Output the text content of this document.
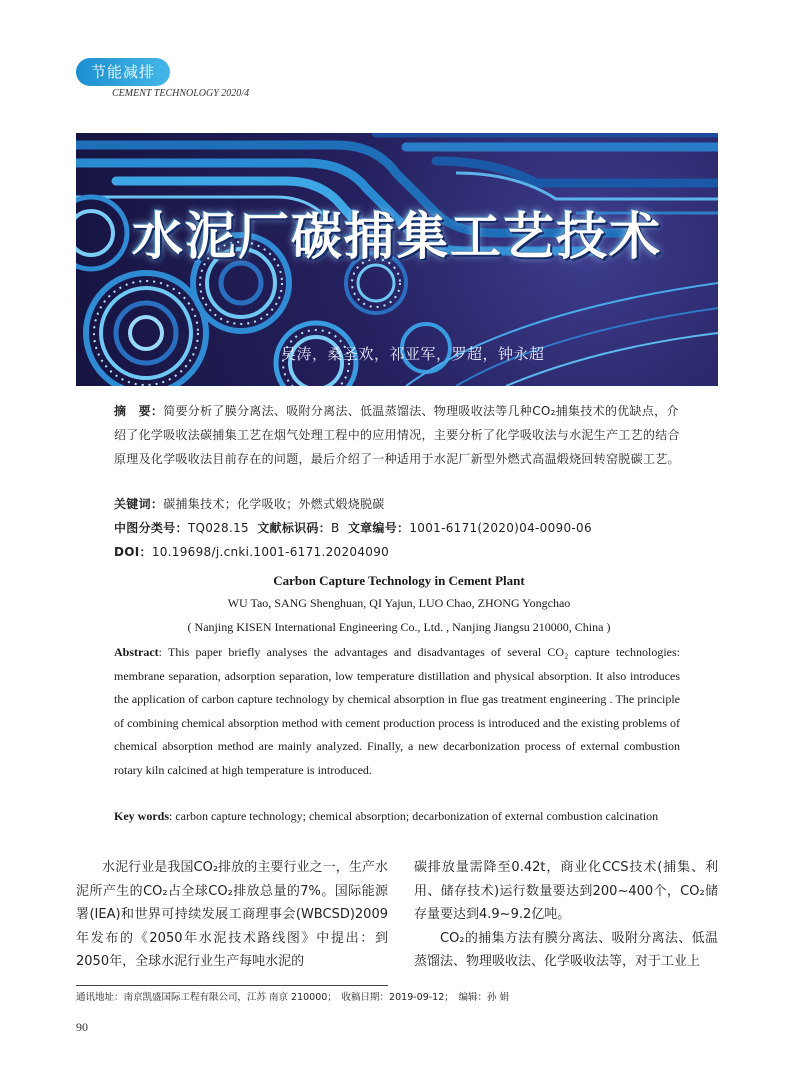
节能减排
CEMENT TECHNOLOGY 2020/4
水泥厂碳捕集工艺技术
吴涛，桑圣欢，祁亚军，罗超，钟永超
摘　要：简要分析了膜分离法、吸附分离法、低温蒸馏法、物理吸收法等几种CO₂捕集技术的优缺点，介绍了化学吸收法碳捕集工艺在烟气处理工程中的应用情况，主要分析了化学吸收法与水泥生产工艺的结合原理及化学吸收法目前存在的问题，最后介绍了一种适用于水泥厂新型外燃式高温煅烧回转窑脱碳工艺。
关键词：碳捕集技术；化学吸收；外燃式煅烧脱碳
中图分类号：TQ028.15 文献标识码：B 文章编号：1001-6171(2020)04-0090-06
DOI：10.19698/j.cnki.1001-6171.20204090
Carbon Capture Technology in Cement Plant
WU Tao, SANG Shenghuan, QI Yajun, LUO Chao, ZHONG Yongchao
( Nanjing KISEN International Engineering Co., Ltd. , Nanjing Jiangsu 210000, China )
Abstract: This paper briefly analyses the advantages and disadvantages of several CO₂ capture technologies: membrane separation, adsorption separation, low temperature distillation and physical absorption. It also introduces the application of carbon capture technology by chemical absorption in flue gas treatment engineering . The principle of combining chemical absorption method with cement production process is introduced and the existing problems of chemical absorption method are mainly analyzed. Finally, a new decarbonization process of external combustion rotary kiln calcined at high temperature is introduced.
Key words: carbon capture technology; chemical absorption; decarbonization of external combustion calcination

水泥行业是我国CO₂排放的主要行业之一，生产水泥所产生的CO₂占全球CO₂排放总量的7%。国际能源署(IEA)和世界可持续发展工商理事会(WBCSD)2009年发布的《2050年水泥技术路线图》中提出：到2050年，全球水泥行业生产每吨水泥的

碳排放量需降至0.42t，商业化CCS技术(捕集、利用、储存技术)运行数量要达到200~400个，CO₂储存量要达到4.9~9.2亿吨。

CO₂的捕集方法有膜分离法、吸附分离法、低温蒸馏法、物理吸收法、化学吸收法等，对于工业上

通讯地址：南京凯盛国际工程有限公司，江苏 南京 210000；　收稿日期：2019-09-12；　编辑：孙 娟
90
